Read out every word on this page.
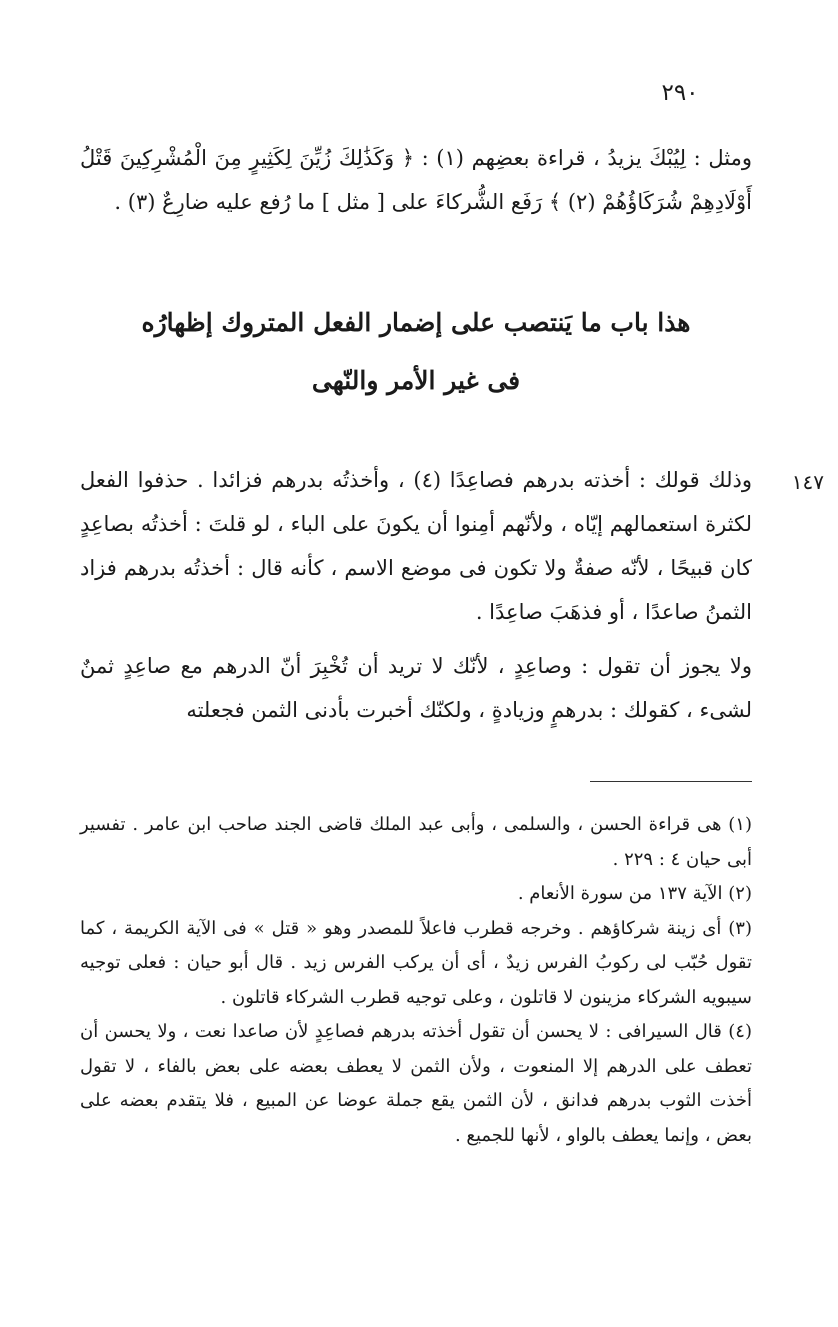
٢٩٠

ومثل : لِيُبْكَ يزيدُ ، قراءة بعضِهم (١) : ﴿ وَكَذَٰلِكَ زُيِّنَ لِكَثِيرٍ مِنَ الْمُشْرِكِينَ قَتْلُ أَوْلَادِهِمْ شُرَكَاؤُهُمْ (٢) ﴾ رَفَع الشُّركاءَ على [ مثل ] ما رُفع عليه ضارِعٌ (٣) .

هذا باب ما يَنتصب على إضمار الفعل المتروك إظهارُه
فى غير الأمر والنّهى
١٤٧

وذلك قولك : أخذته بدرهم فصاعِدًا (٤) ، وأخذتُه بدرهم فزائدا . حذفوا الفعل لكثرة استعمالهم إيّاه ، ولأنّهم أمِنوا أن يكونَ على الباء ، لو قلتَ : أخذتُه بصاعِدٍ كان قبيحًا ، لأنّه صفةٌ ولا تكون فى موضع الاسم ، كأنه قال : أخذتُه بدرهم فزاد الثمنُ صاعدًا ، أو فذهَبَ صاعِدًا .

ولا يجوز أن تقول : وصاعِدٍ ، لأنّك لا تريد أن تُخْبِرَ أنّ الدرهم مع صاعِدٍ ثمنٌ لشىء ، كقولك : بدرهمٍ وزيادةٍ ، ولكنّك أخبرت بأدنى الثمن فجعلته

(١) هى قراءة الحسن ، والسلمى ، وأبى عبد الملك قاضى الجند صاحب ابن عامر . تفسير أبى حيان ٤ : ٢٢٩ .

(٢) الآية ١٣٧ من سورة الأنعام .

(٣) أى زينة شركاؤهم . وخرجه قطرب فاعلاً للمصدر وهو « قتل » فى الآية الكريمة ، كما تقول حُبّب لى ركوبُ الفرس زيدٌ ، أى أن يركب الفرس زيد . قال أبو حيان : فعلى توجيه سيبويه الشركاء مزينون لا قاتلون ، وعلى توجيه قطرب الشركاء قاتلون .

(٤) قال السيرافى : لا يحسن أن تقول أخذته بدرهم فصاعِدٍ لأن صاعدا نعت ، ولا يحسن أن تعطف على الدرهم إلا المنعوت ، ولأن الثمن لا يعطف بعضه على بعض بالفاء ، لا تقول أخذت الثوب بدرهم فدانق ، لأن الثمن يقع جملة عوضا عن المبيع ، فلا يتقدم بعضه على بعض ، وإنما يعطف بالواو ، لأنها للجميع .
